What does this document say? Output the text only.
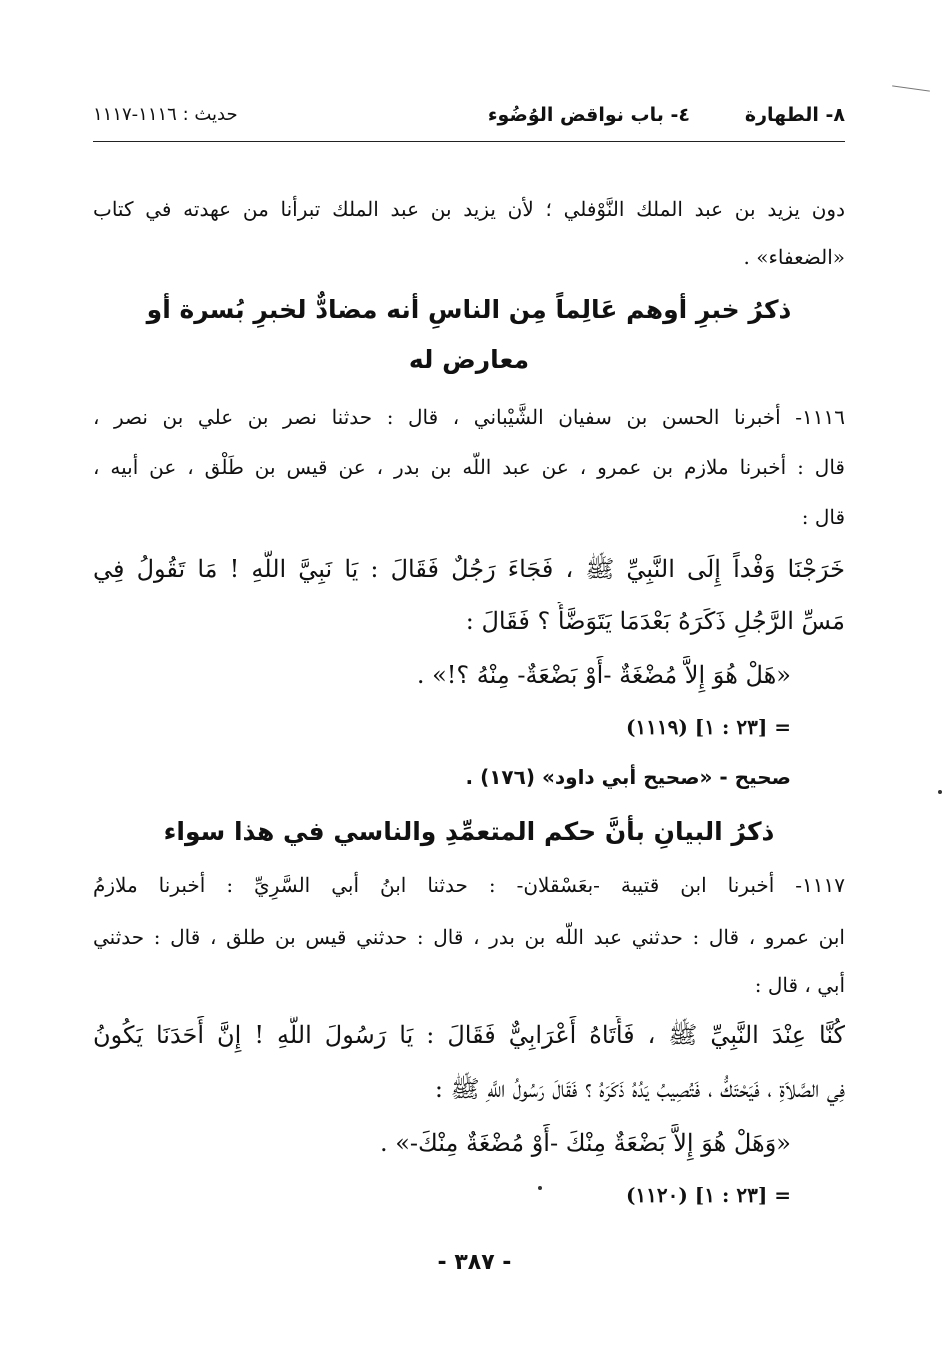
٨- الطهارة
٤- باب نواقض الوُضُوء
حديث : ١١١٦-١١١٧
دون يزيد بن عبد الملك النَّوْفلي ؛ لأن يزيد بن عبد الملك تبرأنا من عهدته في كتاب
«الضعفاء» .
ذكرُ خبرِ أوهم عَالِماً مِن الناسِ أنه مضادٌّ لخبرِ بُسرة أو
معارض له
١١١٦- أخبرنا الحسن بن سفيان الشَّيْباني ، قال : حدثنا نصر بن علي بن نصر ،
قال : أخبرنا ملازم بن عمرو ، عن عبد اللّه بن بدر ، عن قيس بن طَلْق ، عن أبيه ،
قال :
خَرَجْنَا وَفْداً إِلَى النَّبِيِّ ﷺ ، فَجَاءَ رَجُلٌ فَقَالَ : يَا نَبِيَّ اللَّهِ ! مَا تَقُولُ فِي
مَسِّ الرَّجُلِ ذَكَرَهُ بَعْدَمَا يَتَوَضَّأُ ؟ فَقَالَ :
«هَلْ هُوَ إِلاَّ مُضْغَةٌ -أَوْ بَضْعَةٌ- مِنْهُ ؟!» .
= [٢٣ : ١] (١١١٩)
صحيح - «صحيح أبي داود» (١٧٦) .
ذكرُ البيانِ بأنَّ حكم المتعمِّدِ والناسي في هذا سواء
١١١٧- أخبرنا ابن قتيبة -بعَسْقلان- : حدثنا ابنُ أبي السَّرِيِّ : أخبرنا ملازمُ
ابن عمرو ، قال : حدثني عبد اللّه بن بدر ، قال : حدثني قيس بن طلق ، قال : حدثني
أبي ، قال :
كُنَّا عِنْدَ النَّبِيِّ ﷺ ، فَأَتَاهُ أَعْرَابِيٌّ فَقَالَ : يَا رَسُولَ اللَّهِ ! إِنَّ أَحَدَنَا يَكُونُ
فِي الصَّلاَةِ ، فَيَحْتَكُّ ، فَتُصِيبُ يَدُهُ ذَكَرَهُ ؟ فَقَالَ رَسُولُ اللَّهِ ﷺ :
«وَهَلْ هُوَ إِلاَّ بَضْعَةٌ مِنْكَ -أَوْ مُضْغَةٌ مِنْكَ-» .
= [٢٣ : ١] (١١٢٠)
- ٣٨٧ -
